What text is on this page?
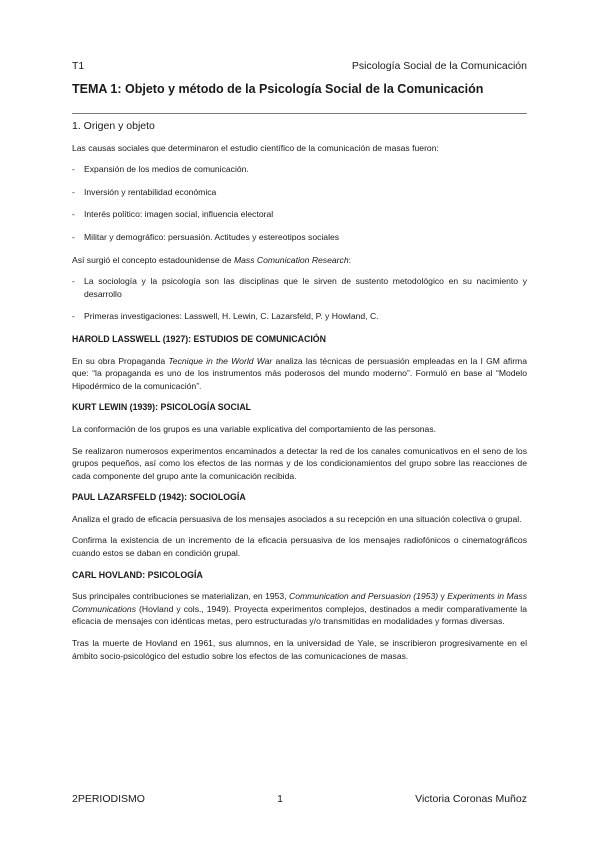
T1	Psicología Social de la Comunicación
TEMA 1: Objeto y método de la Psicología Social de la Comunicación
1. Origen y objeto

Las causas sociales que determinaron el estudio científico de la comunicación de masas fueron:

- Expansión de los medios de comunicación.
- Inversión y rentabilidad económica
- Interés político: imagen social, influencia electoral
- Militar y demográfico: persuasión. Actitudes y estereotipos sociales

Así surgió el concepto estadounidense de Mass Comunication Research:

- La sociología y la psicología son las disciplinas que le sirven de sustento metodológico en su nacimiento y desarrollo
- Primeras investigaciones: Lasswell, H. Lewin, C. Lazarsfeld, P. y Howland, C.
HAROLD LASSWELL (1927): ESTUDIOS DE COMUNICACIÓN

En su obra Propaganda Tecnique in the World War analiza las técnicas de persuasión empleadas en la I GM afirma que: “la propaganda es uno de los instrumentos más poderosos del mundo moderno”. Formuló en base al “Modelo Hipodérmico de la comunicación”.

KURT LEWIN (1939): PSICOLOGÍA SOCIAL

La conformación de los grupos es una variable explicativa del comportamiento de las personas.

Se realizaron numerosos experimentos encaminados a detectar la red de los canales comunicativos en el seno de los grupos pequeños, así como los efectos de las normas y de los condicionamientos del grupo sobre las reacciones de cada componente del grupo ante la comunicación recibida.

PAUL LAZARSFELD (1942): SOCIOLOGÍA

Analiza el grado de eficacia persuasiva de los mensajes asociados a su recepción en una situación colectiva o grupal.

Confirma la existencia de un incremento de la eficacia persuasiva de los mensajes radiofónicos o cinematográficos cuando estos se daban en condición grupal.

CARL HOVLAND: PSICOLOGÍA

Sus principales contribuciones se materializan, en 1953, Communication and Persuasion (1953) y Experiments in Mass Communications (Hovland y cols., 1949). Proyecta experimentos complejos, destinados a medir comparativamente la eficacia de mensajes con idénticas metas, pero estructuradas y/o transmitidas en modalidades y formas diversas.

Tras la muerte de Hovland en 1961, sus alumnos, en la universidad de Yale, se inscribieron progresivamente en el ámbito socio-psicológico del estudio sobre los efectos de las comunicaciones de masas.

2PERIODISMO	1	Victoria Coronas Muñoz
